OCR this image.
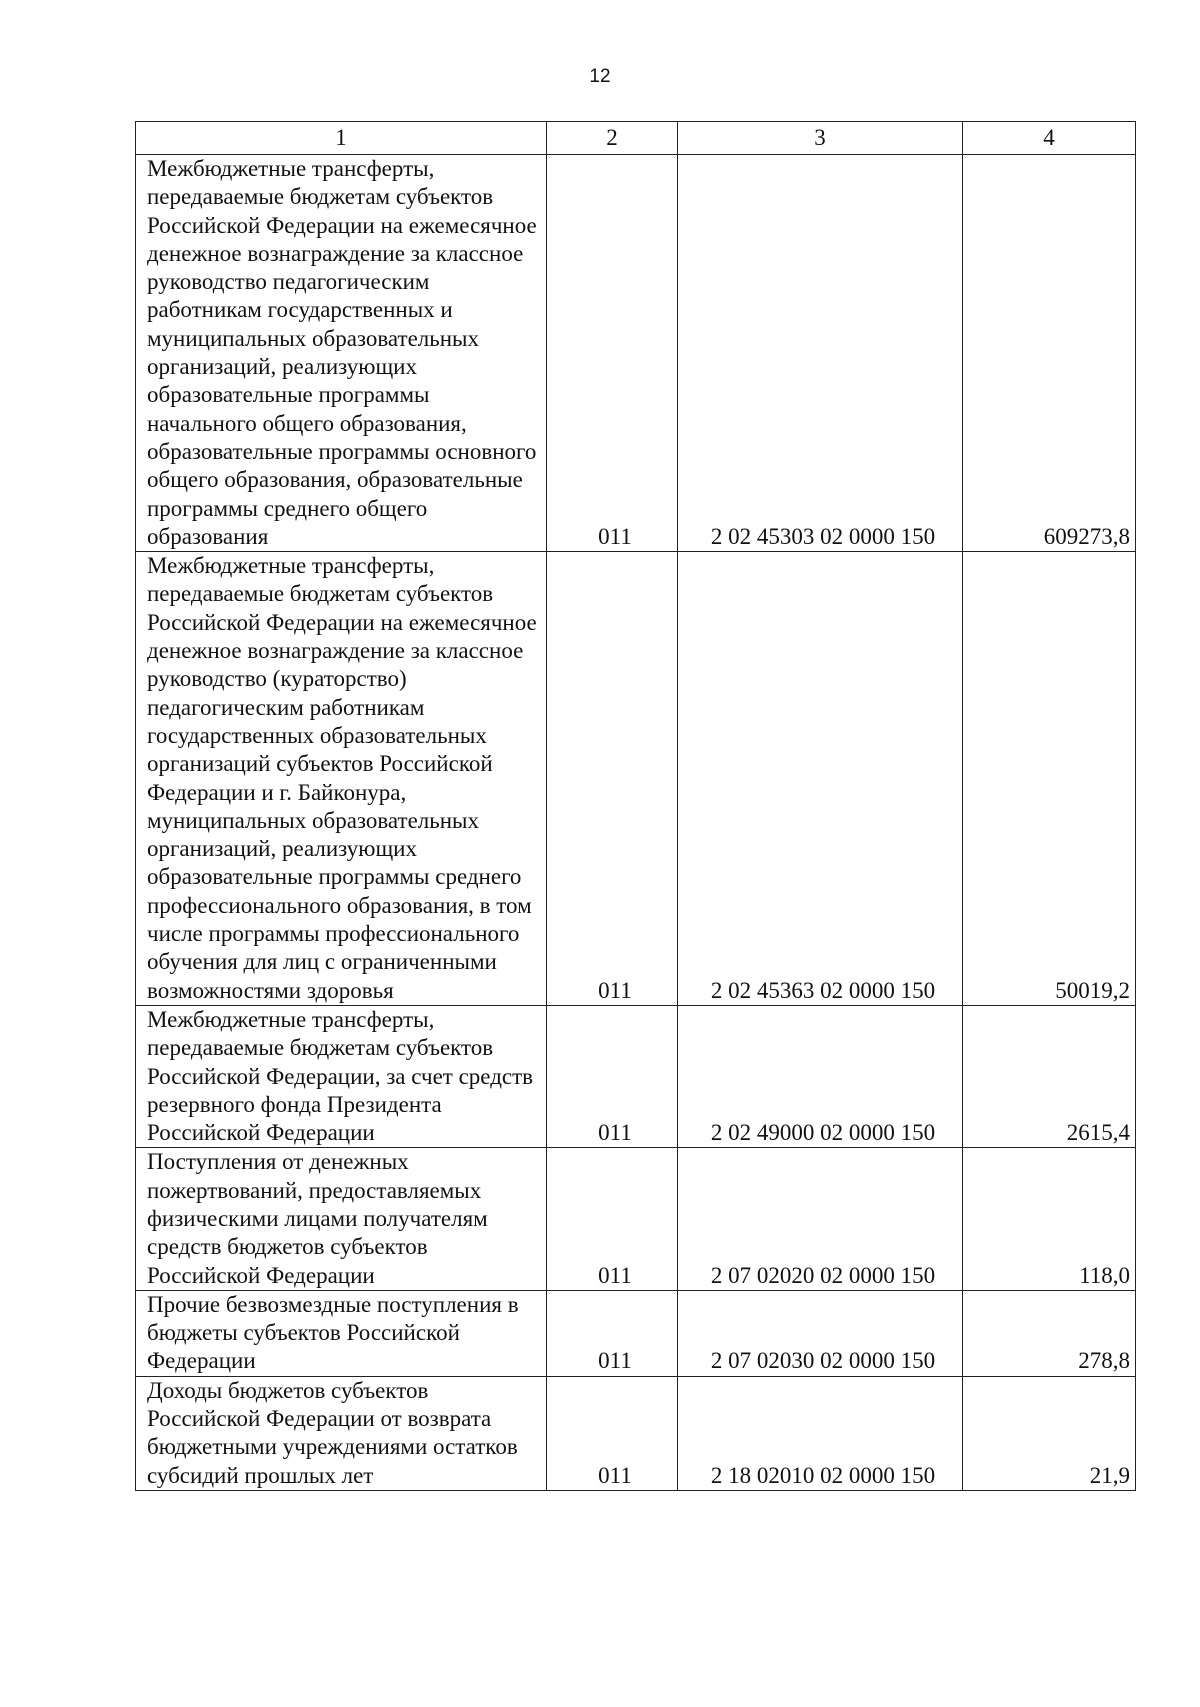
12
1	2	3	4
Межбюджетные трансферты, передаваемые бюджетам субъектов Российской Федерации на ежемесячное денежное вознаграждение за классное руководство педагогическим работникам государственных и муниципальных образовательных организаций, реализующих образовательные программы начального общего образования, образовательные программы основного общего образования, образовательные программы среднего общего образования	011	2 02 45303 02 0000 150	609273,8
Межбюджетные трансферты, передаваемые бюджетам субъектов Российской Федерации на ежемесячное денежное вознаграждение за классное руководство (кураторство) педагогическим работникам государственных образовательных организаций субъектов Российской Федерации и г. Байконура, муниципальных образовательных организаций, реализующих образовательные программы среднего профессионального образования, в том числе программы профессионального обучения для лиц с ограниченными возможностями здоровья	011	2 02 45363 02 0000 150	50019,2
Межбюджетные трансферты, передаваемые бюджетам субъектов Российской Федерации, за счет средств резервного фонда Президента Российской Федерации	011	2 02 49000 02 0000 150	2615,4
Поступления от денежных пожертвований, предоставляемых физическими лицами получателям средств бюджетов субъектов Российской Федерации	011	2 07 02020 02 0000 150	118,0
Прочие безвозмездные поступления в бюджеты субъектов Российской Федерации	011	2 07 02030 02 0000 150	278,8
Доходы бюджетов субъектов Российской Федерации от возврата бюджетными учреждениями остатков субсидий прошлых лет	011	2 18 02010 02 0000 150	21,9
